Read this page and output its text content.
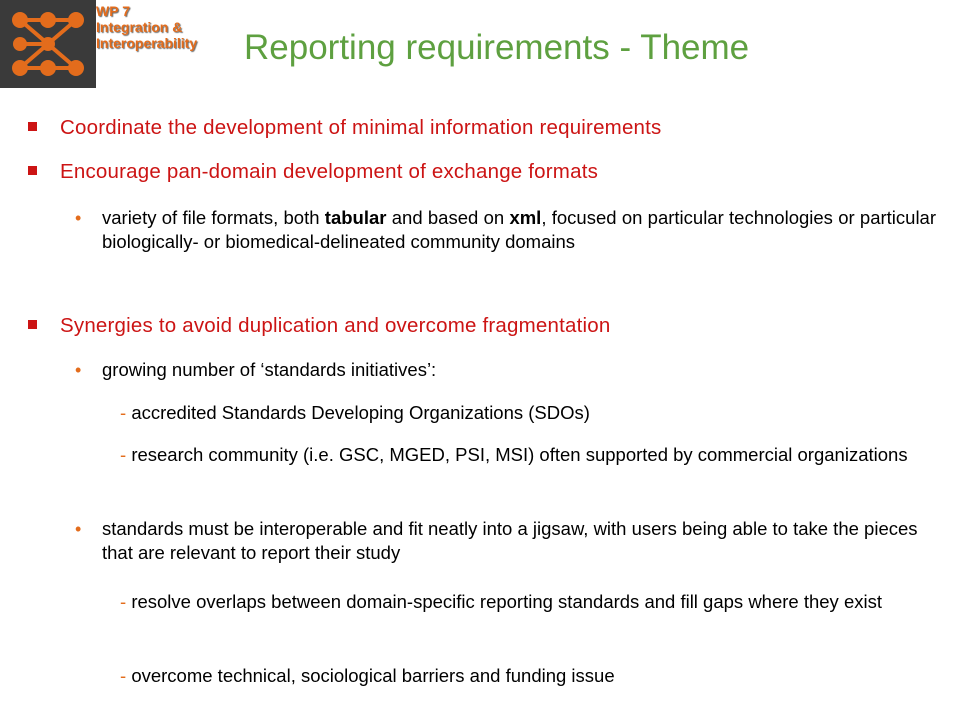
WP 7
Integration &
Interoperability Reporting requirements - Theme
Coordinate the development of minimal information requirements
Encourage pan-domain development of exchange formats
• variety of file formats, both tabular and based on xml, focused on particular technologies or particular biologically- or biomedical-delineated community domains
Synergies to avoid duplication and overcome fragmentation
• growing number of ‘standards initiatives’:
- accredited Standards Developing Organizations (SDOs)
- research community (i.e. GSC, MGED, PSI, MSI) often supported by commercial organizations
• standards must be interoperable and fit neatly into a jigsaw, with users being able to take the pieces that are relevant to report their study
- resolve overlaps between domain-specific reporting standards and fill gaps where they exist
- overcome technical, sociological barriers and funding issue
